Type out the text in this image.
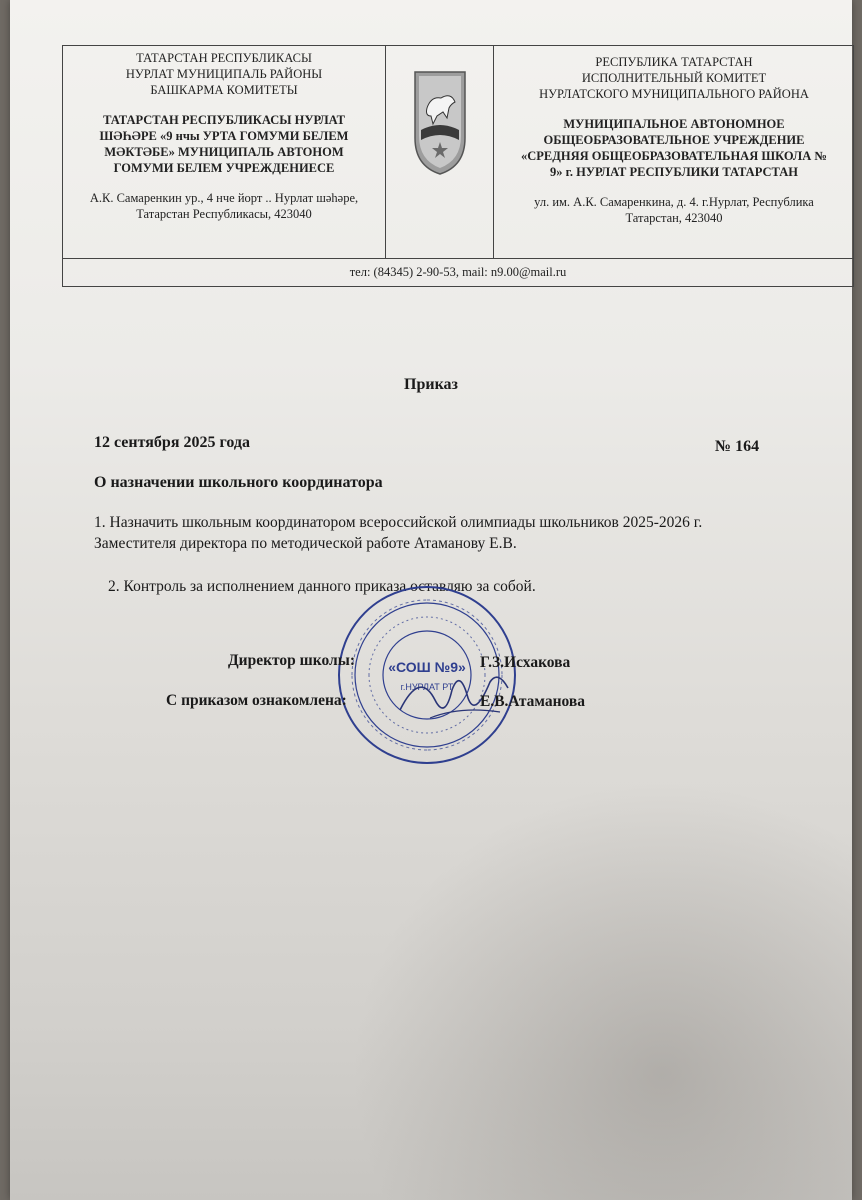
ТАТАРСТАН РЕСПУБЛИКАСЫ
НУРЛАТ МУНИЦИПАЛЬ РАЙОНЫ
БАШКАРМА КОМИТЕТЫ
ТАТАРСТАН РЕСПУБЛИКАСЫ НУРЛАТ
ШӘҺӘРЕ «9 нчы УРТА ГОМУМИ БЕЛЕМ
МӘКТӘБЕ» МУНИЦИПАЛЬ АВТОНОМ
ГОМУМИ БЕЛЕМ УЧРЕЖДЕНИЕСЕ
А.К. Самаренкин ур., 4 нче йорт .. Нурлат шәһәре,
Татарстан Республикасы, 423040
РЕСПУБЛИКА ТАТАРСТАН
ИСПОЛНИТЕЛЬНЫЙ КОМИТЕТ
НУРЛАТСКОГО МУНИЦИПАЛЬНОГО РАЙОНА
МУНИЦИПАЛЬНОЕ АВТОНОМНОЕ
ОБЩЕОБРАЗОВАТЕЛЬНОЕ УЧРЕЖДЕНИЕ
«СРЕДНЯЯ ОБЩЕОБРАЗОВАТЕЛЬНАЯ ШКОЛА №
9» г. НУРЛАТ РЕСПУБЛИКИ ТАТАРСТАН
ул. им. А.К. Самаренкина, д. 4. г.Нурлат, Республика
Татарстан, 423040
тел: (84345) 2-90-53, mail: n9.00@mail.ru
Приказ
12 сентября 2025 года	№ 164
О назначении школьного координатора
1. Назначить школьным координатором всероссийской олимпиады школьников 2025-2026 г.
Заместителя директора по методической работе Атаманову Е.В.
2. Контроль за исполнением данного приказа оставляю за собой.
«СОШ №9»
г.НУРЛАТ РТ
Директор школы:	Г.З.Исхакова
С приказом ознакомлена:	Е.В.Атаманова
